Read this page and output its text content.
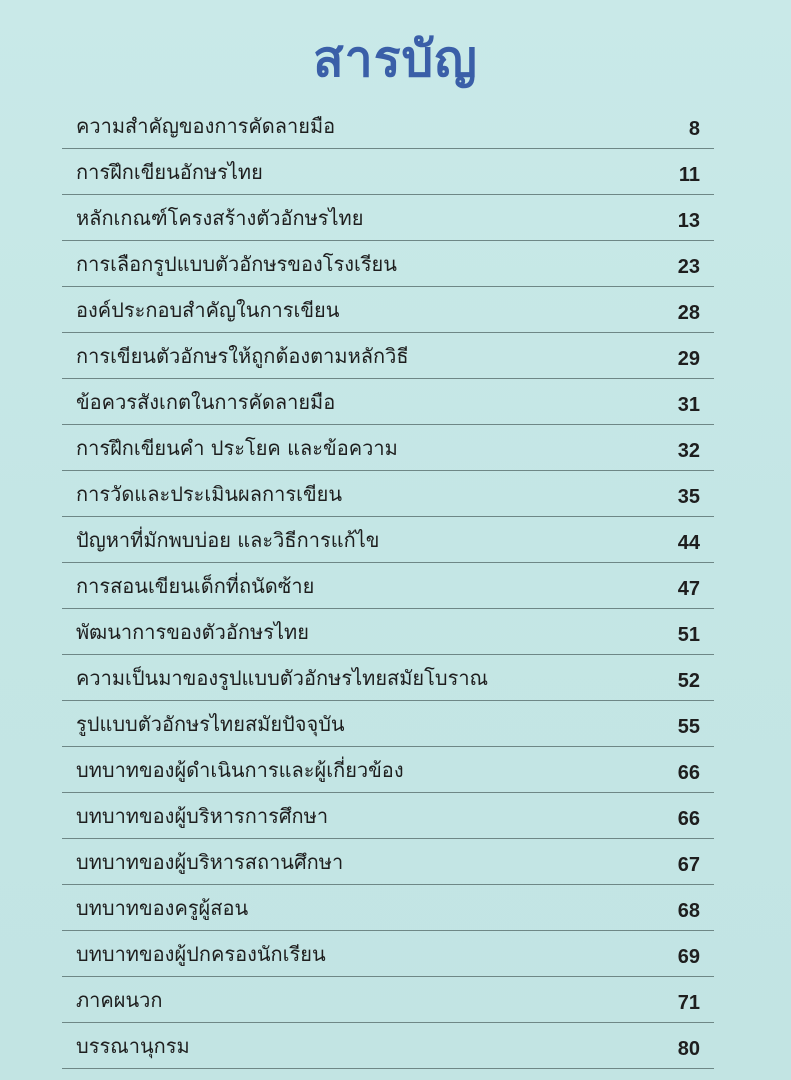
สารบัญ
ความสำคัญของการคัดลายมือ	8
การฝึกเขียนอักษรไทย	11
หลักเกณฑ์โครงสร้างตัวอักษรไทย	13
การเลือกรูปแบบตัวอักษรของโรงเรียน	23
องค์ประกอบสำคัญในการเขียน	28
การเขียนตัวอักษรให้ถูกต้องตามหลักวิธี	29
ข้อควรสังเกตในการคัดลายมือ	31
การฝึกเขียนคำ ประโยค และข้อความ	32
การวัดและประเมินผลการเขียน	35
ปัญหาที่มักพบบ่อย และวิธีการแก้ไข	44
การสอนเขียนเด็กที่ถนัดซ้าย	47
พัฒนาการของตัวอักษรไทย	51
ความเป็นมาของรูปแบบตัวอักษรไทยสมัยโบราณ	52
รูปแบบตัวอักษรไทยสมัยปัจจุบัน	55
บทบาทของผู้ดำเนินการและผู้เกี่ยวข้อง	66
บทบาทของผู้บริหารการศึกษา	66
บทบาทของผู้บริหารสถานศึกษา	67
บทบาทของครูผู้สอน	68
บทบาทของผู้ปกครองนักเรียน	69
ภาคผนวก	71
บรรณานุกรม	80
